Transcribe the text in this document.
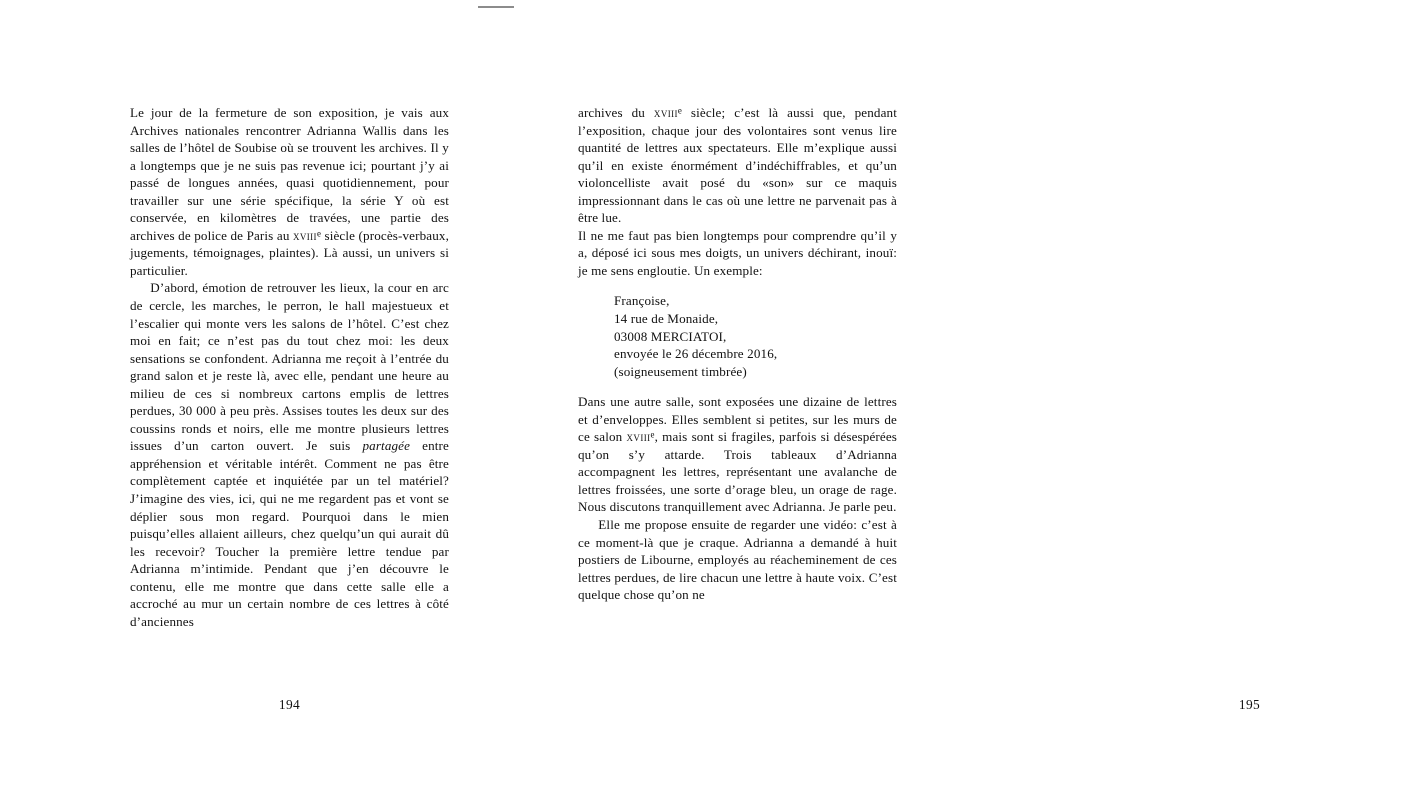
Le jour de la fermeture de son exposition, je vais aux Archives nationales rencontrer Adrianna Wallis dans les salles de l’hôtel de Soubise où se trouvent les archives. Il y a longtemps que je ne suis pas revenue ici; pourtant j’y ai passé de longues années, quasi quotidiennement, pour travailler sur une série spécifique, la série Y où est conservée, en kilomètres de travées, une partie des archives de police de Paris au xviii$^e$ siècle (procès-verbaux, jugements, témoignages, plaintes). Là aussi, un univers si particulier.

D’abord, émotion de retrouver les lieux, la cour en arc de cercle, les marches, le perron, le hall majestueux et l’escalier qui monte vers les salons de l’hôtel. C’est chez moi en fait; ce n’est pas du tout chez moi: les deux sensations se confondent. Adrianna me reçoit à l’entrée du grand salon et je reste là, avec elle, pendant une heure au milieu de ces si nombreux cartons emplis de lettres perdues, 30 000 à peu près. Assises toutes les deux sur des coussins ronds et noirs, elle me montre plusieurs lettres issues d’un carton ouvert. Je suis partagée entre appréhension et véritable intérêt. Comment ne pas être complètement captée et inquiétée par un tel matériel? J’imagine des vies, ici, qui ne me regardent pas et vont se déplier sous mon regard. Pourquoi dans le mien puisqu’elles allaient ailleurs, chez quelqu’un qui aurait dû les recevoir? Toucher la première lettre tendue par Adrianna m’intimide. Pendant que j’en découvre le contenu, elle me montre que dans cette salle elle a accroché au mur un certain nombre de ces lettres à côté d’anciennes

194

archives du xviii$^e$ siècle; c’est là aussi que, pendant l’exposition, chaque jour des volontaires sont venus lire quantité de lettres aux spectateurs. Elle m’explique aussi qu’il en existe énormément d’indéchiffrables, et qu’un violoncelliste avait posé du «son» sur ce maquis impressionnant dans le cas où une lettre ne parvenait pas à être lue.

Il ne me faut pas bien longtemps pour comprendre qu’il y a, déposé ici sous mes doigts, un univers déchirant, inouï: je me sens engloutie. Un exemple:

Françoise,
14 rue de Monaide,
03008 MERCIATOI,
envoyée le 26 décembre 2016,
(soigneusement timbrée)

Dans une autre salle, sont exposées une dizaine de lettres et d’enveloppes. Elles semblent si petites, sur les murs de ce salon xviii$^e$, mais sont si fragiles, parfois si désespérées qu’on s’y attarde. Trois tableaux d’Adrianna accompagnent les lettres, représentant une avalanche de lettres froissées, une sorte d’orage bleu, un orage de rage. Nous discutons tranquillement avec Adrianna. Je parle peu.

Elle me propose ensuite de regarder une vidéo: c’est à ce moment-là que je craque. Adrianna a demandé à huit postiers de Libourne, employés au réacheminement de ces lettres perdues, de lire chacun une lettre à haute voix. C’est quelque chose qu’on ne

195
